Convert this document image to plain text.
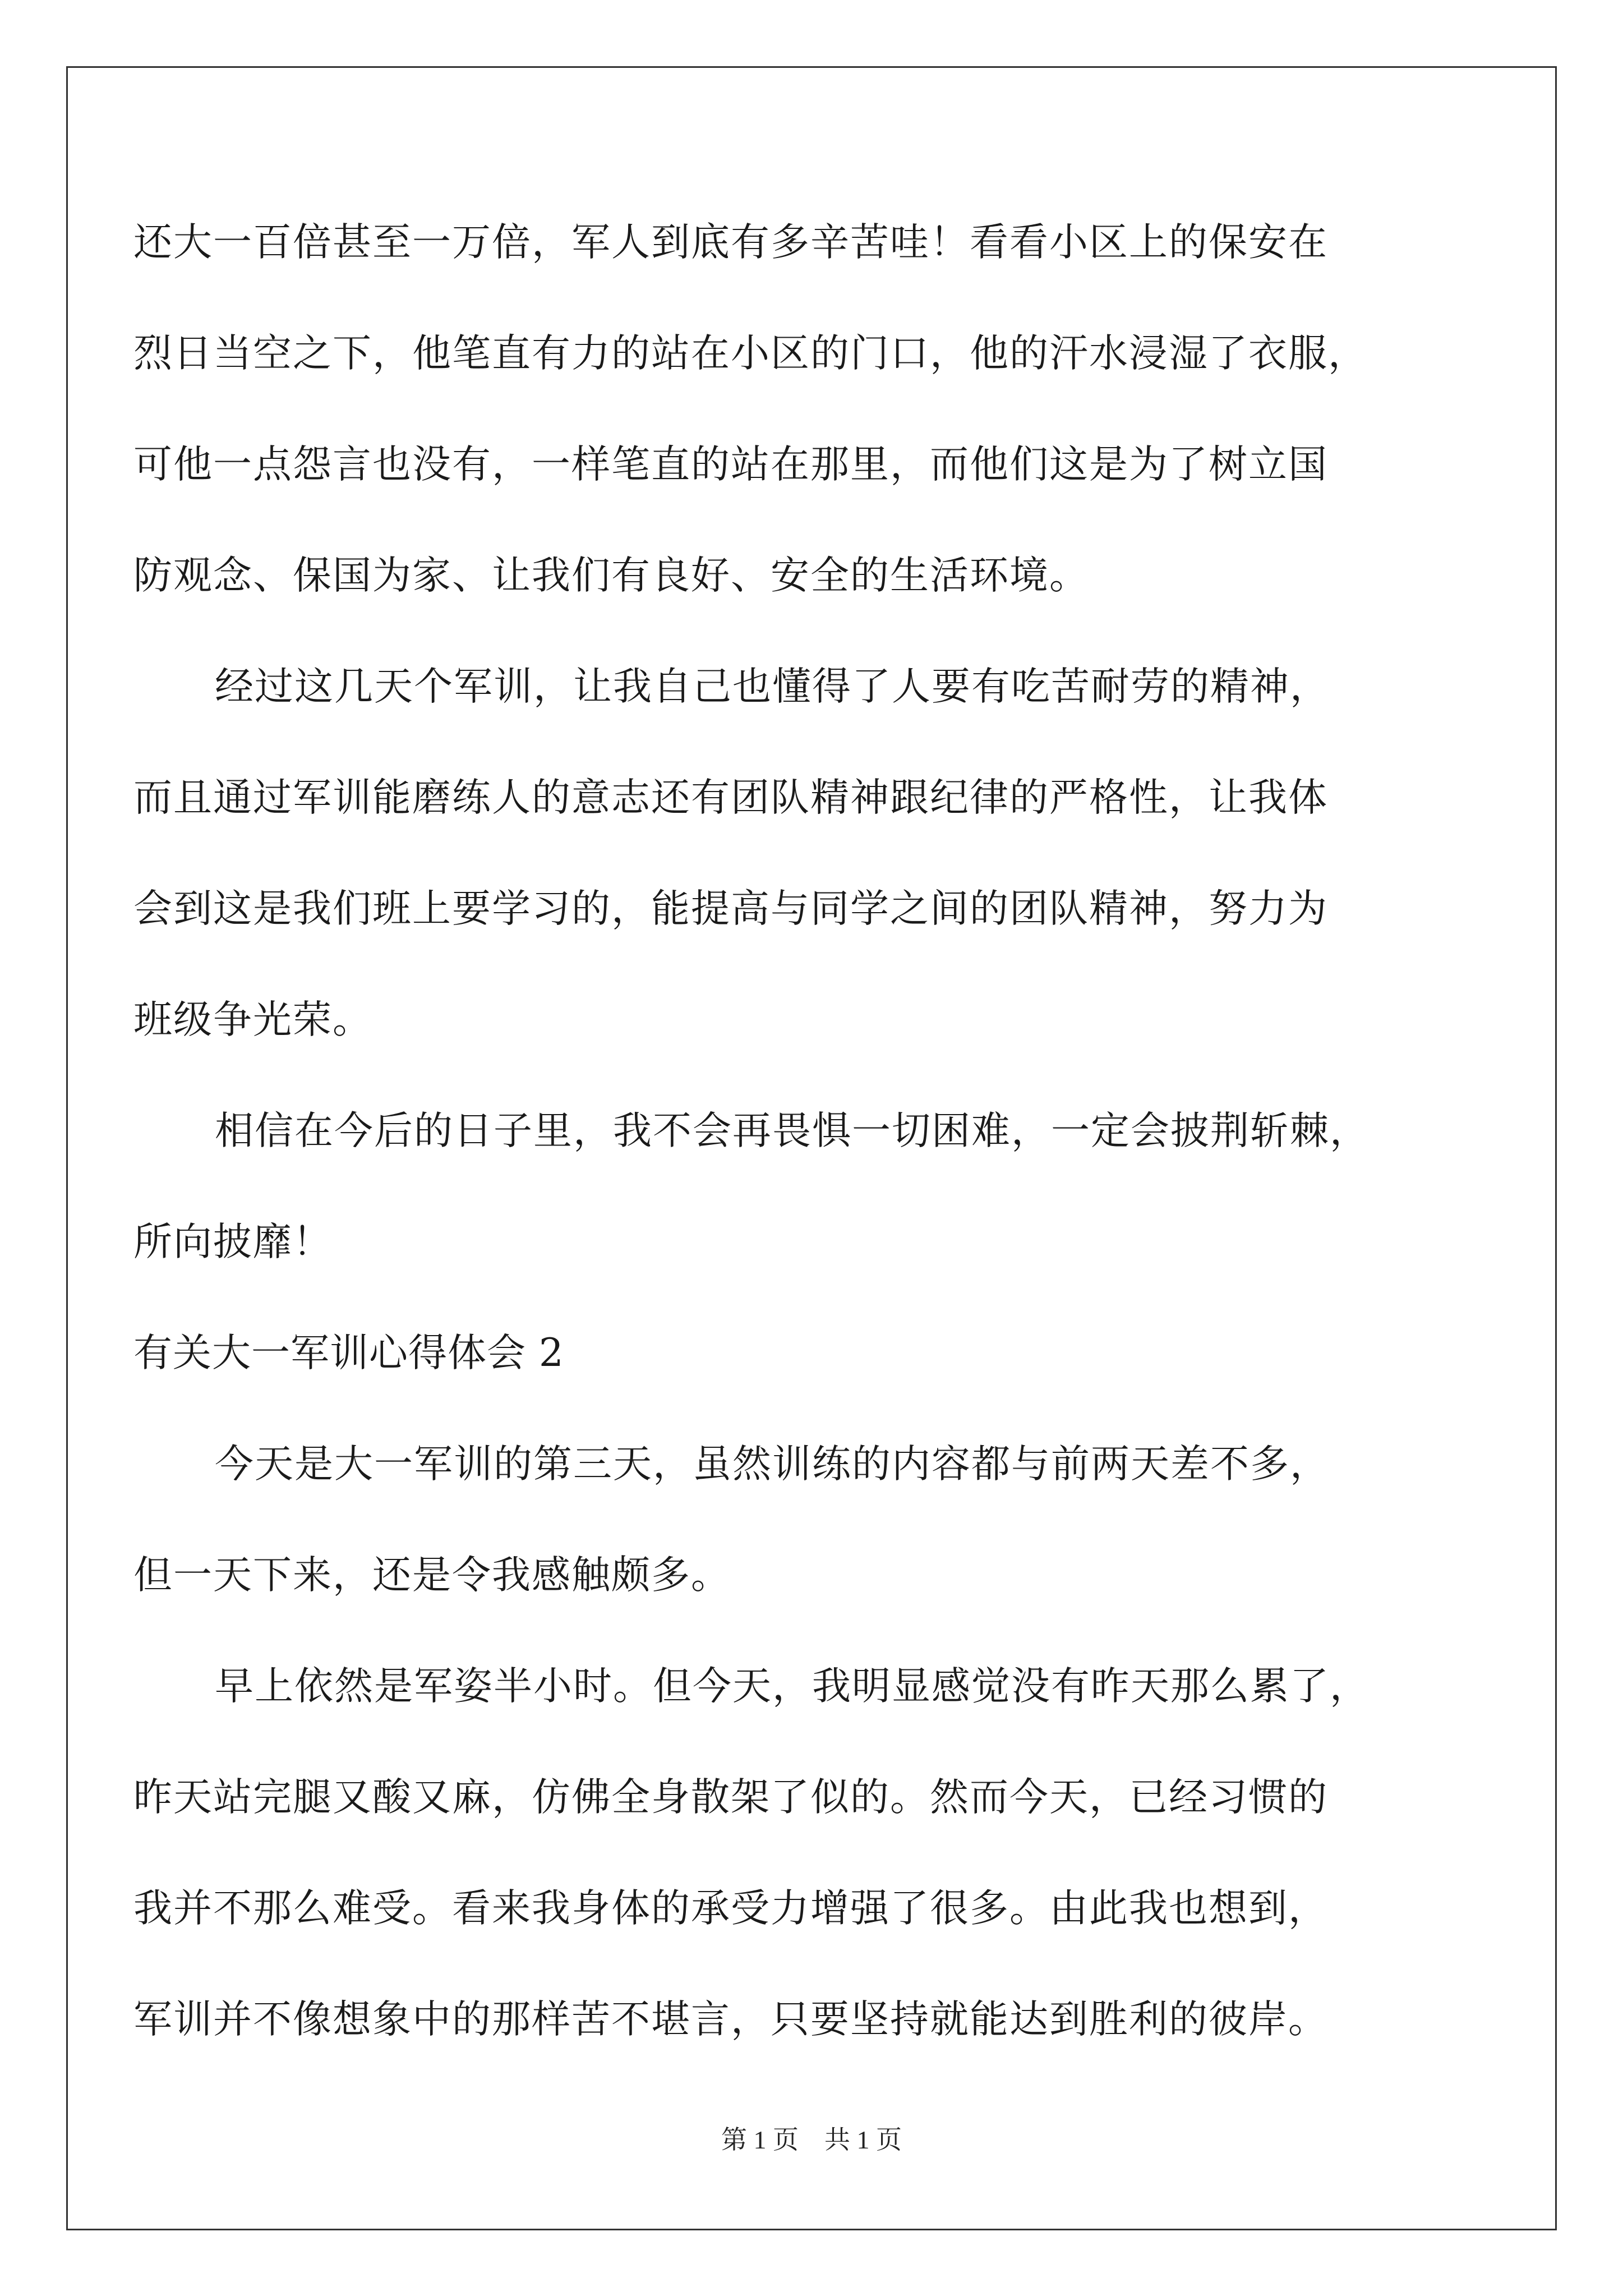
还大一百倍甚至一万倍，军人到底有多辛苦哇！看看小区上的保安在
烈日当空之下，他笔直有力的站在小区的门口，他的汗水浸湿了衣服，
可他一点怨言也没有，一样笔直的站在那里，而他们这是为了树立国
防观念、保国为家、让我们有良好、安全的生活环境。
经过这几天个军训，让我自己也懂得了人要有吃苦耐劳的精神，
而且通过军训能磨练人的意志还有团队精神跟纪律的严格性，让我体
会到这是我们班上要学习的，能提高与同学之间的团队精神，努力为
班级争光荣。
相信在今后的日子里，我不会再畏惧一切困难，一定会披荆斩棘，
所向披靡！
有关大一军训心得体会 2
今天是大一军训的第三天，虽然训练的内容都与前两天差不多，
但一天下来，还是令我感触颇多。
早上依然是军姿半小时。但今天，我明显感觉没有昨天那么累了，
昨天站完腿又酸又麻，仿佛全身散架了似的。然而今天，已经习惯的
我并不那么难受。看来我身体的承受力增强了很多。由此我也想到，
军训并不像想象中的那样苦不堪言，只要坚持就能达到胜利的彼岸。
第 1 页　共 1 页
